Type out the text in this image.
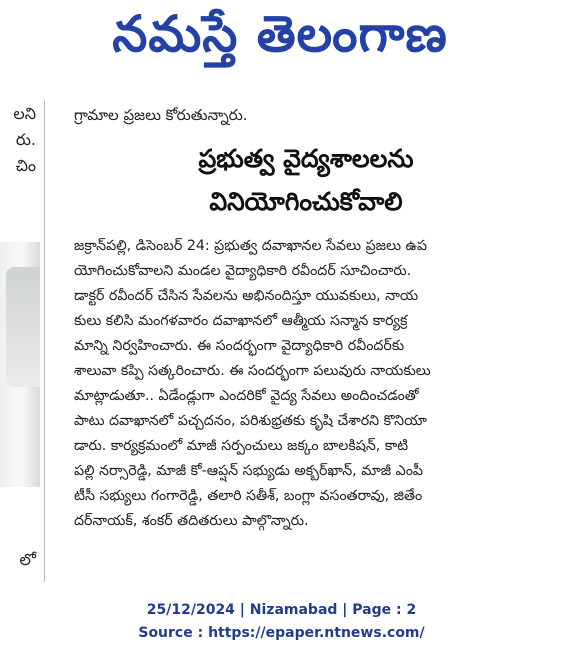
నమస్తే తెలంగాణ
లని
రు.
చిం
లో
గ్రామాల ప్రజలు కోరుతున్నారు.
ప్రభుత్వ వైద్యశాలలను
వినియోగించుకోవాలి
జక్రాన్‌పల్లి, డిసెంబర్ 24: ప్రభుత్వ దవాఖానల సేవలు ప్రజలు ఉప
యోగించుకోవాలని మండల వైద్యాధికారి రవీందర్ సూచించారు.
డాక్టర్ రవీందర్ చేసిన సేవలను అభినందిస్తూ యువకులు, నాయ
కులు కలిసి మంగళవారం దవాఖానలో ఆత్మీయ సన్మాన కార్యక్ర
మాన్ని నిర్వహించారు. ఈ సందర్భంగా వైద్యాధికారి రవీందర్‌కు
శాలువా కప్పి సత్కరించారు. ఈ సందర్భంగా పలువురు నాయకులు
మాట్లాడుతూ.. ఏడేండ్లుగా ఎందరికో వైద్య సేవలు అందించడంతో
పాటు దవాఖానలో పచ్చదనం, పరిశుభ్రతకు కృషి చేశారని కొనియా
డారు. కార్యక్రమంలో మాజీ సర్పంచులు జక్కం బాలకిషన్, కాటి
పల్లి నర్సారెడ్డి, మాజీ కో-ఆప్షన్ సభ్యుడు అక్బర్‌ఖాన్, మాజీ ఎంపీ
టీసీ సభ్యులు గంగారెడ్డి, తలారి సతీశ్, బంగ్లా వసంతరావు, జితేం
దర్‌నాయక్, శంకర్ తదితరులు పాల్గొన్నారు.
25/12/2024 | Nizamabad | Page : 2
Source : https://epaper.ntnews.com/
